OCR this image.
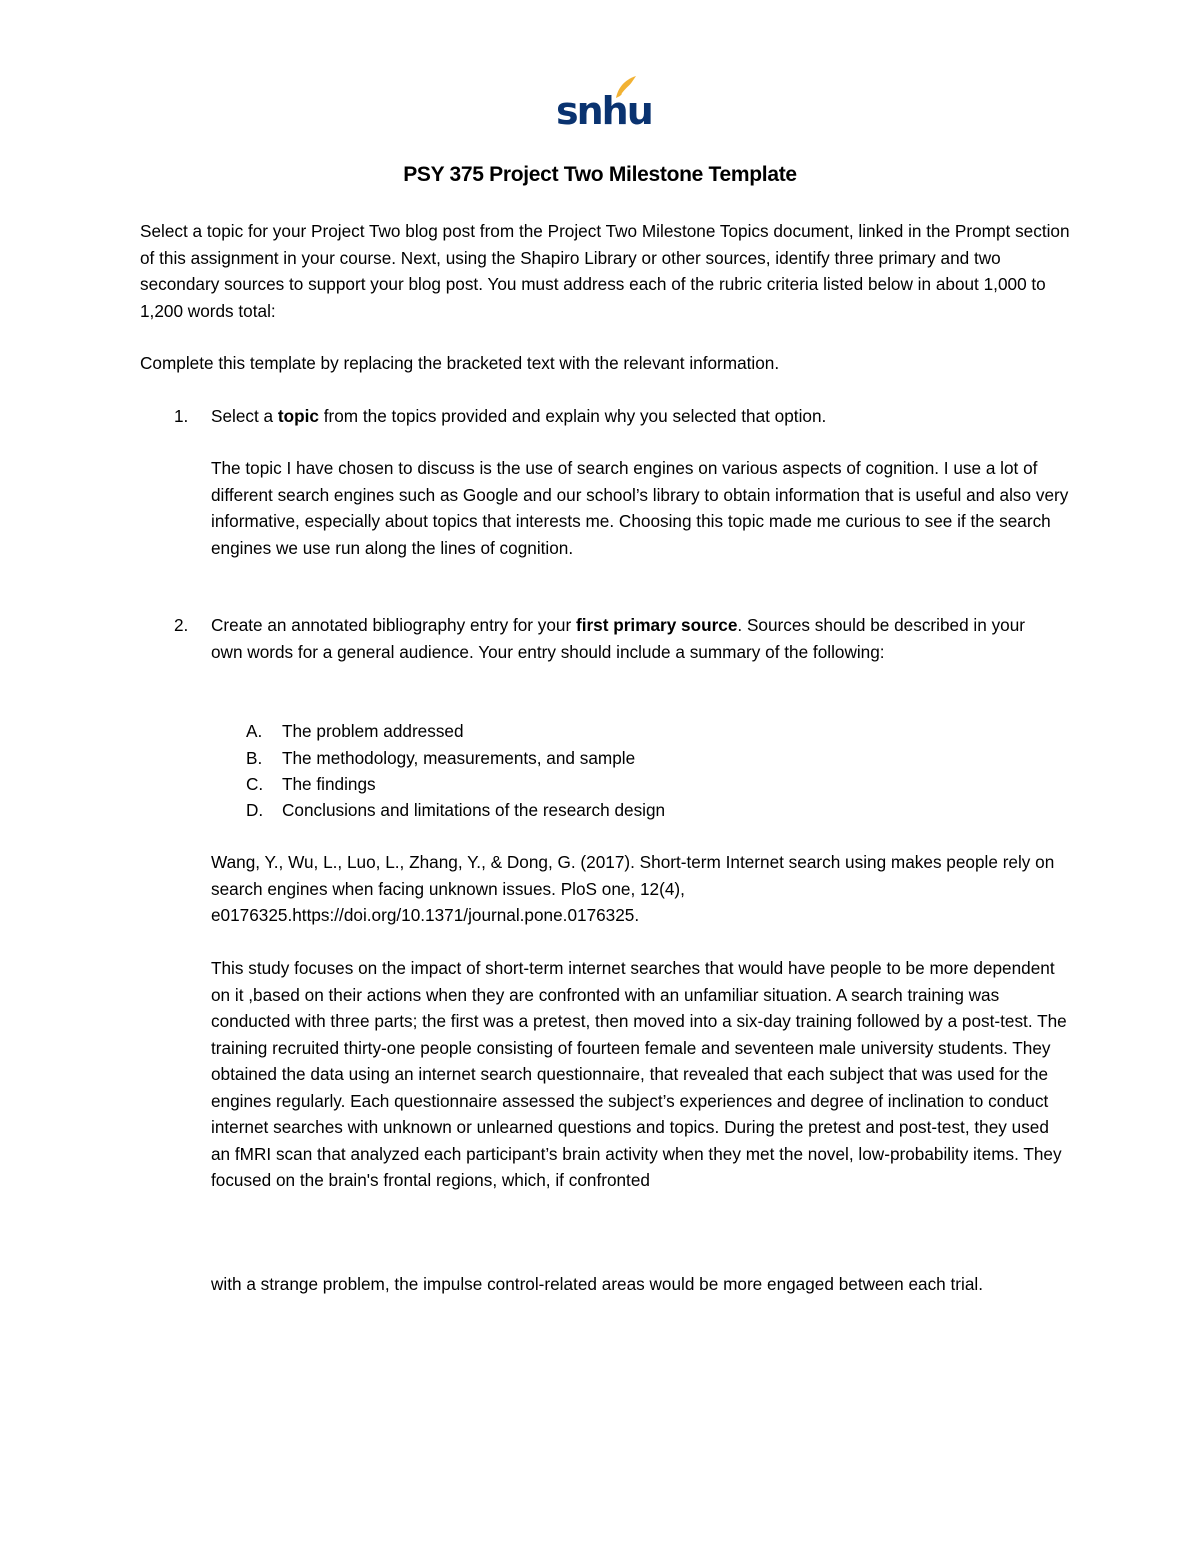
snhu
PSY 375 Project Two Milestone Template

Select a topic for your Project Two blog post from the Project Two Milestone Topics document, linked in the Prompt section of this assignment in your course. Next, using the Shapiro Library or other sources, identify three primary and two secondary sources to support your blog post. You must address each of the rubric criteria listed below in about 1,000 to 1,200 words total:

Complete this template by replacing the bracketed text with the relevant information.

1. Select a topic from the topics provided and explain why you selected that option.

The topic I have chosen to discuss is the use of search engines on various aspects of cognition. I use a lot of different search engines such as Google and our school’s library to obtain information that is useful and also very informative, especially about topics that interests me. Choosing this topic made me curious to see if the search engines we use run along the lines of cognition.

2. Create an annotated bibliography entry for your first primary source. Sources should be described in your own words for a general audience. Your entry should include a summary of the following:

A. The problem addressed
B. The methodology, measurements, and sample
C. The findings
D. Conclusions and limitations of the research design

Wang, Y., Wu, L., Luo, L., Zhang, Y., & Dong, G. (2017). Short-term Internet search using makes people rely on search engines when facing unknown issues. PloS one, 12(4), e0176325.https://doi.org/10.1371/journal.pone.0176325.

This study focuses on the impact of short-term internet searches that would have people to be more dependent on it ,based on their actions when they are confronted with an unfamiliar situation. A search training was conducted with three parts; the first was a pretest, then moved into a six-day training followed by a post-test. The training recruited thirty-one people consisting of fourteen female and seventeen male university students. They obtained the data using an internet search questionnaire, that revealed that each subject that was used for the engines regularly. Each questionnaire assessed the subject’s experiences and degree of inclination to conduct internet searches with unknown or unlearned questions and topics. During the pretest and post-test, they used an fMRI scan that analyzed each participant’s brain activity when they met the novel, low-probability items. They focused on the brain's frontal regions, which, if confronted

with a strange problem, the impulse control-related areas would be more engaged between each trial.
